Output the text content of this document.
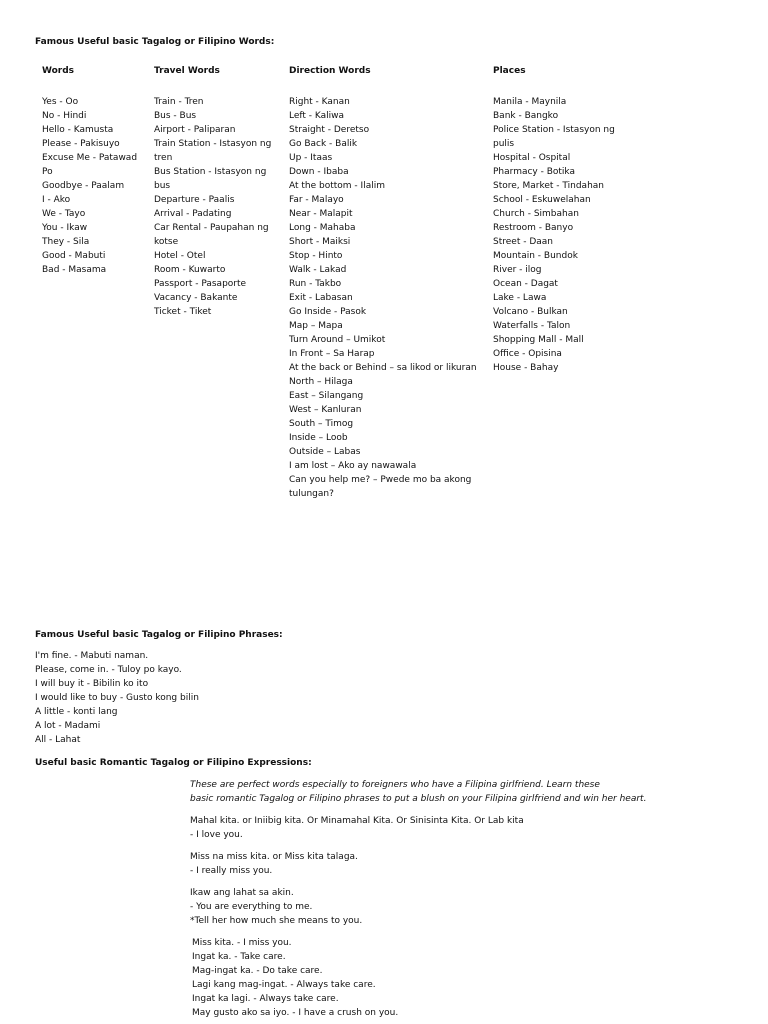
Famous Useful basic Tagalog or Filipino Words:
Words
Yes - Oo
No - Hindi
Hello - Kamusta
Please - Pakisuyo
Excuse Me - Patawad Po
Goodbye - Paalam
I - Ako
We - Tayo
You - Ikaw
They - Sila
Good - Mabuti
Bad - Masama
Travel Words
Train - Tren
Bus - Bus
Airport - Paliparan
Train Station - Istasyon ng tren
Bus Station - Istasyon ng bus
Departure - Paalis
Arrival - Padating
Car Rental - Paupahan ng kotse
Hotel - Otel
Room - Kuwarto
Passport - Pasaporte
Vacancy - Bakante
Ticket - Tiket
Direction Words
Right - Kanan
Left - Kaliwa
Straight - Deretso
Go Back - Balik
Up - Itaas
Down - Ibaba
At the bottom - Ilalim
Far - Malayo
Near - Malapit
Long - Mahaba
Short - Maiksi
Stop - Hinto
Walk - Lakad
Run - Takbo
Exit - Labasan
Go Inside - Pasok
Map – Mapa
Turn Around – Umikot
In Front – Sa Harap
At the back or Behind – sa likod or likuran
North – Hilaga
East – Silangang
West – Kanluran
South – Timog
Inside – Loob
Outside – Labas
I am lost – Ako ay nawawala
Can you help me? – Pwede mo ba akong tulungan?
Places
Manila - Maynila
Bank - Bangko
Police Station - Istasyon ng pulis
Hospital - Ospital
Pharmacy - Botika
Store, Market - Tindahan
School - Eskuwelahan
Church - Simbahan
Restroom - Banyo
Street - Daan
Mountain - Bundok
River - ilog
Ocean - Dagat
Lake - Lawa
Volcano - Bulkan
Waterfalls - Talon
Shopping Mall - Mall
Office - Opisina
House - Bahay
Famous Useful basic Tagalog or Filipino Phrases:
I'm fine. - Mabuti naman.
Please, come in. - Tuloy po kayo.
I will buy it - Bibilin ko ito
I would like to buy - Gusto kong bilin
A little - konti lang
A lot - Madami
All - Lahat
Useful basic Romantic Tagalog or Filipino Expressions:
These are perfect words especially to foreigners who have a Filipina girlfriend. Learn these
basic romantic Tagalog or Filipino phrases to put a blush on your Filipina girlfriend and win her heart.
Mahal kita. or Iniibig kita. Or Minamahal Kita. Or Sinisinta Kita. Or Lab kita
- I love you.
Miss na miss kita. or Miss kita talaga.
- I really miss you.
Ikaw ang lahat sa akin.
- You are everything to me.
*Tell her how much she means to you.
Miss kita. - I miss you.
Ingat ka. - Take care.
Mag-ingat ka. - Do take care.
Lagi kang mag-ingat. - Always take care.
Ingat ka lagi. - Always take care.
May gusto ako sa iyo. - I have a crush on you.
